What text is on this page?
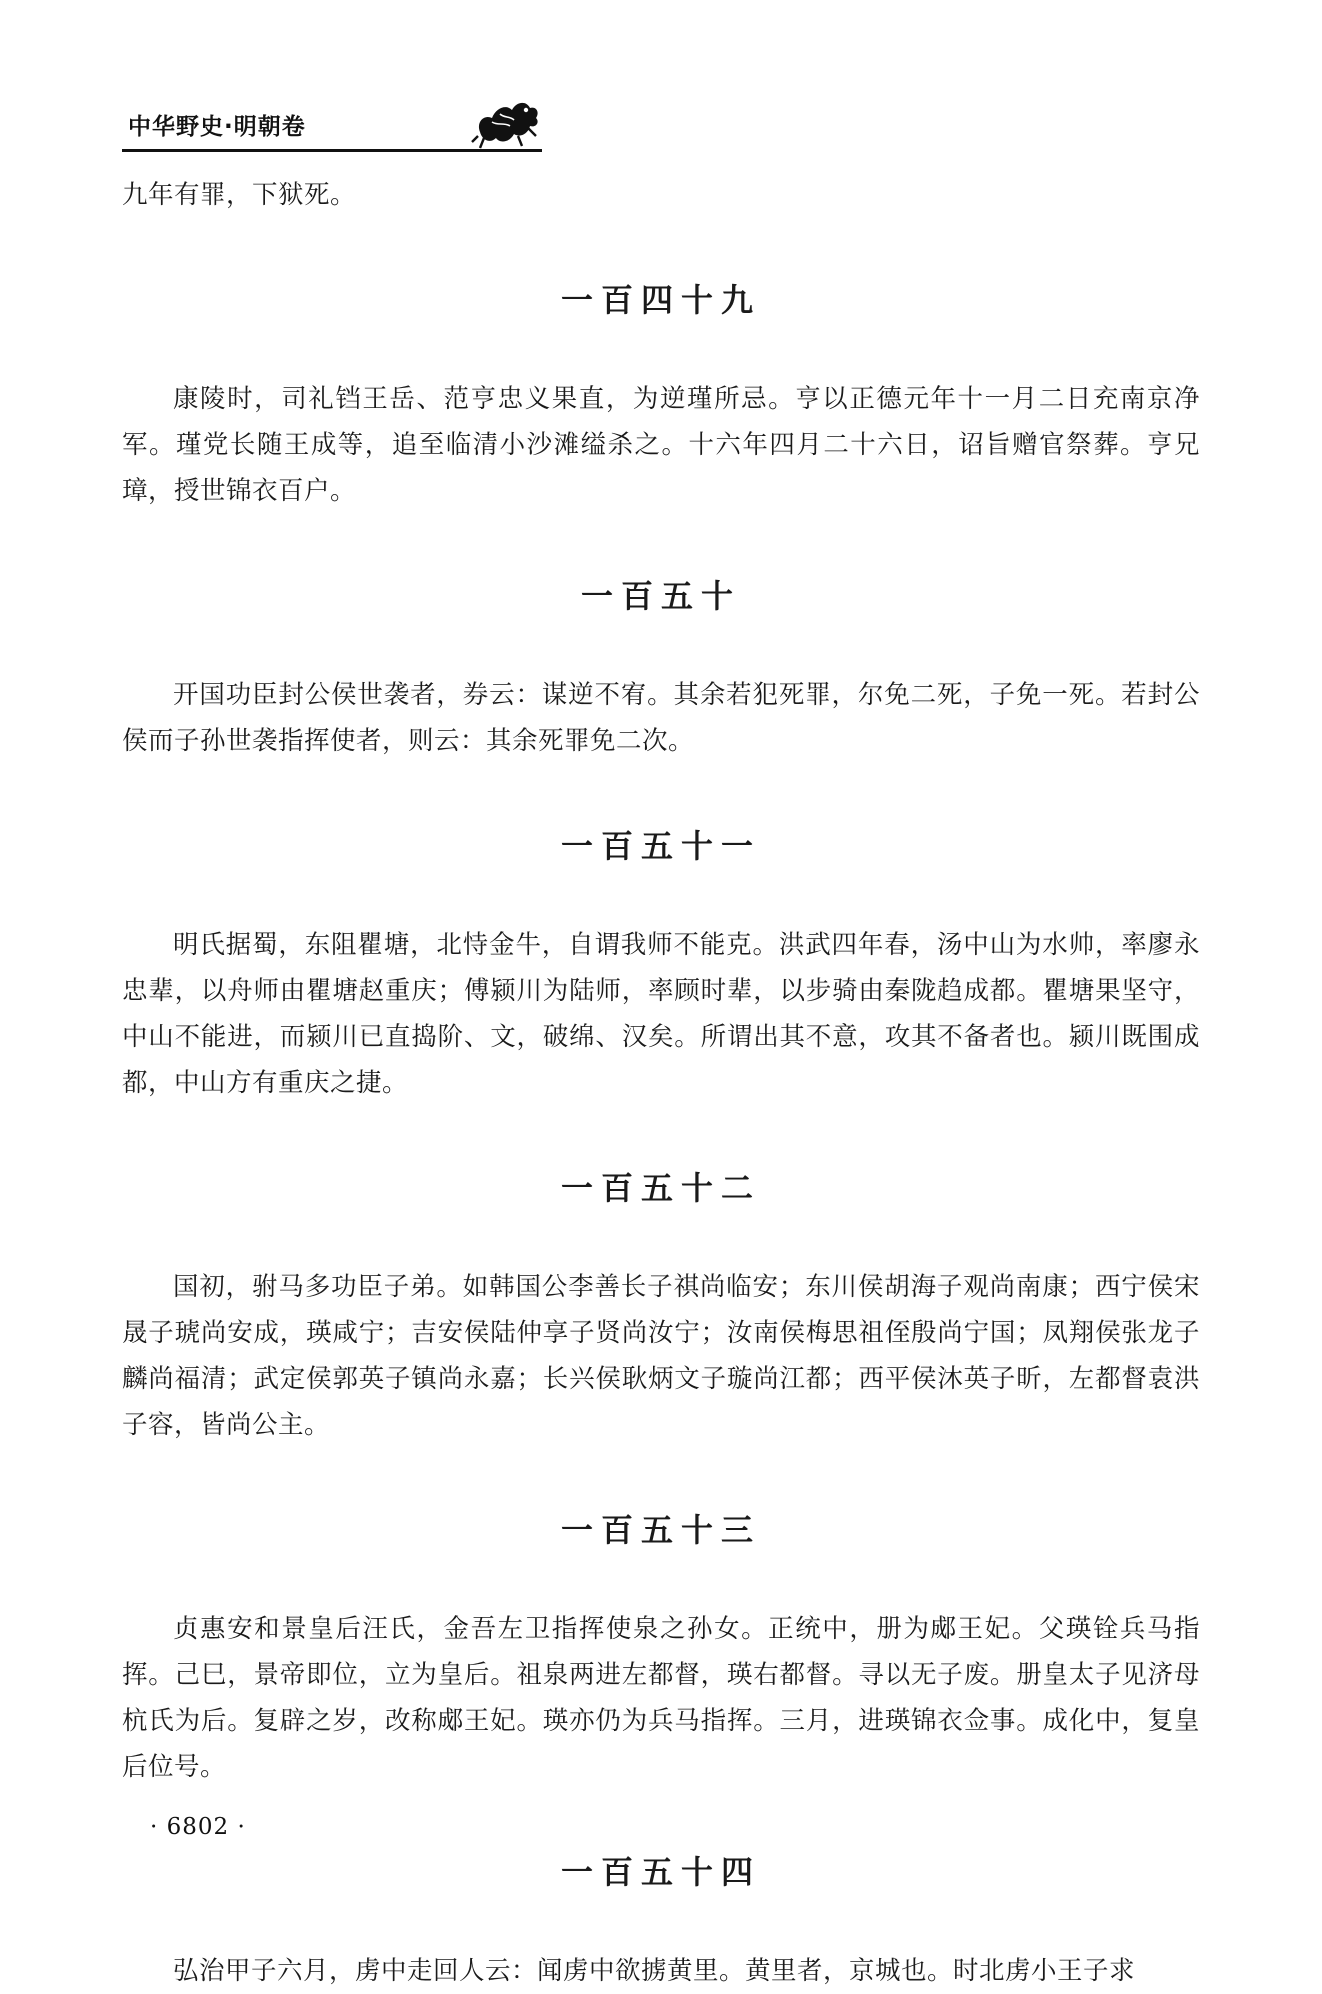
中华野史·明朝卷

九年有罪，下狱死。

一百四十九

康陵时，司礼铛王岳、范亨忠义果直，为逆瑾所忌。亨以正德元年十一月二日充南京净军。瑾党长随王成等，追至临清小沙滩缢杀之。十六年四月二十六日，诏旨赠官祭葬。亨兄璋，授世锦衣百户。

一百五十

开国功臣封公侯世袭者，券云：谋逆不宥。其余若犯死罪，尔免二死，子免一死。若封公侯而子孙世袭指挥使者，则云：其余死罪免二次。

一百五十一

明氏据蜀，东阻瞿塘，北恃金牛，自谓我师不能克。洪武四年春，汤中山为水帅，率廖永忠辈，以舟师由瞿塘赵重庆；傅颍川为陆师，率顾时辈，以步骑由秦陇趋成都。瞿塘果坚守，中山不能进，而颍川已直捣阶、文，破绵、汉矣。所谓出其不意，攻其不备者也。颍川既围成都，中山方有重庆之捷。

一百五十二

国初，驸马多功臣子弟。如韩国公李善长子祺尚临安；东川侯胡海子观尚南康；西宁侯宋晟子琥尚安成，瑛咸宁；吉安侯陆仲享子贤尚汝宁；汝南侯梅思祖侄殷尚宁国；凤翔侯张龙子麟尚福清；武定侯郭英子镇尚永嘉；长兴侯耿炳文子璇尚江都；西平侯沐英子昕，左都督袁洪子容，皆尚公主。

一百五十三

贞惠安和景皇后汪氏，金吾左卫指挥使泉之孙女。正统中，册为郕王妃。父瑛铨兵马指挥。己巳，景帝即位，立为皇后。祖泉两进左都督，瑛右都督。寻以无子废。册皇太子见济母杭氏为后。复辟之岁，改称郕王妃。瑛亦仍为兵马指挥。三月，进瑛锦衣佥事。成化中，复皇后位号。

一百五十四

弘治甲子六月，虏中走回人云：闻虏中欲掳黄里。黄里者，京城也。时北虏小王子求

· 6802 ·
